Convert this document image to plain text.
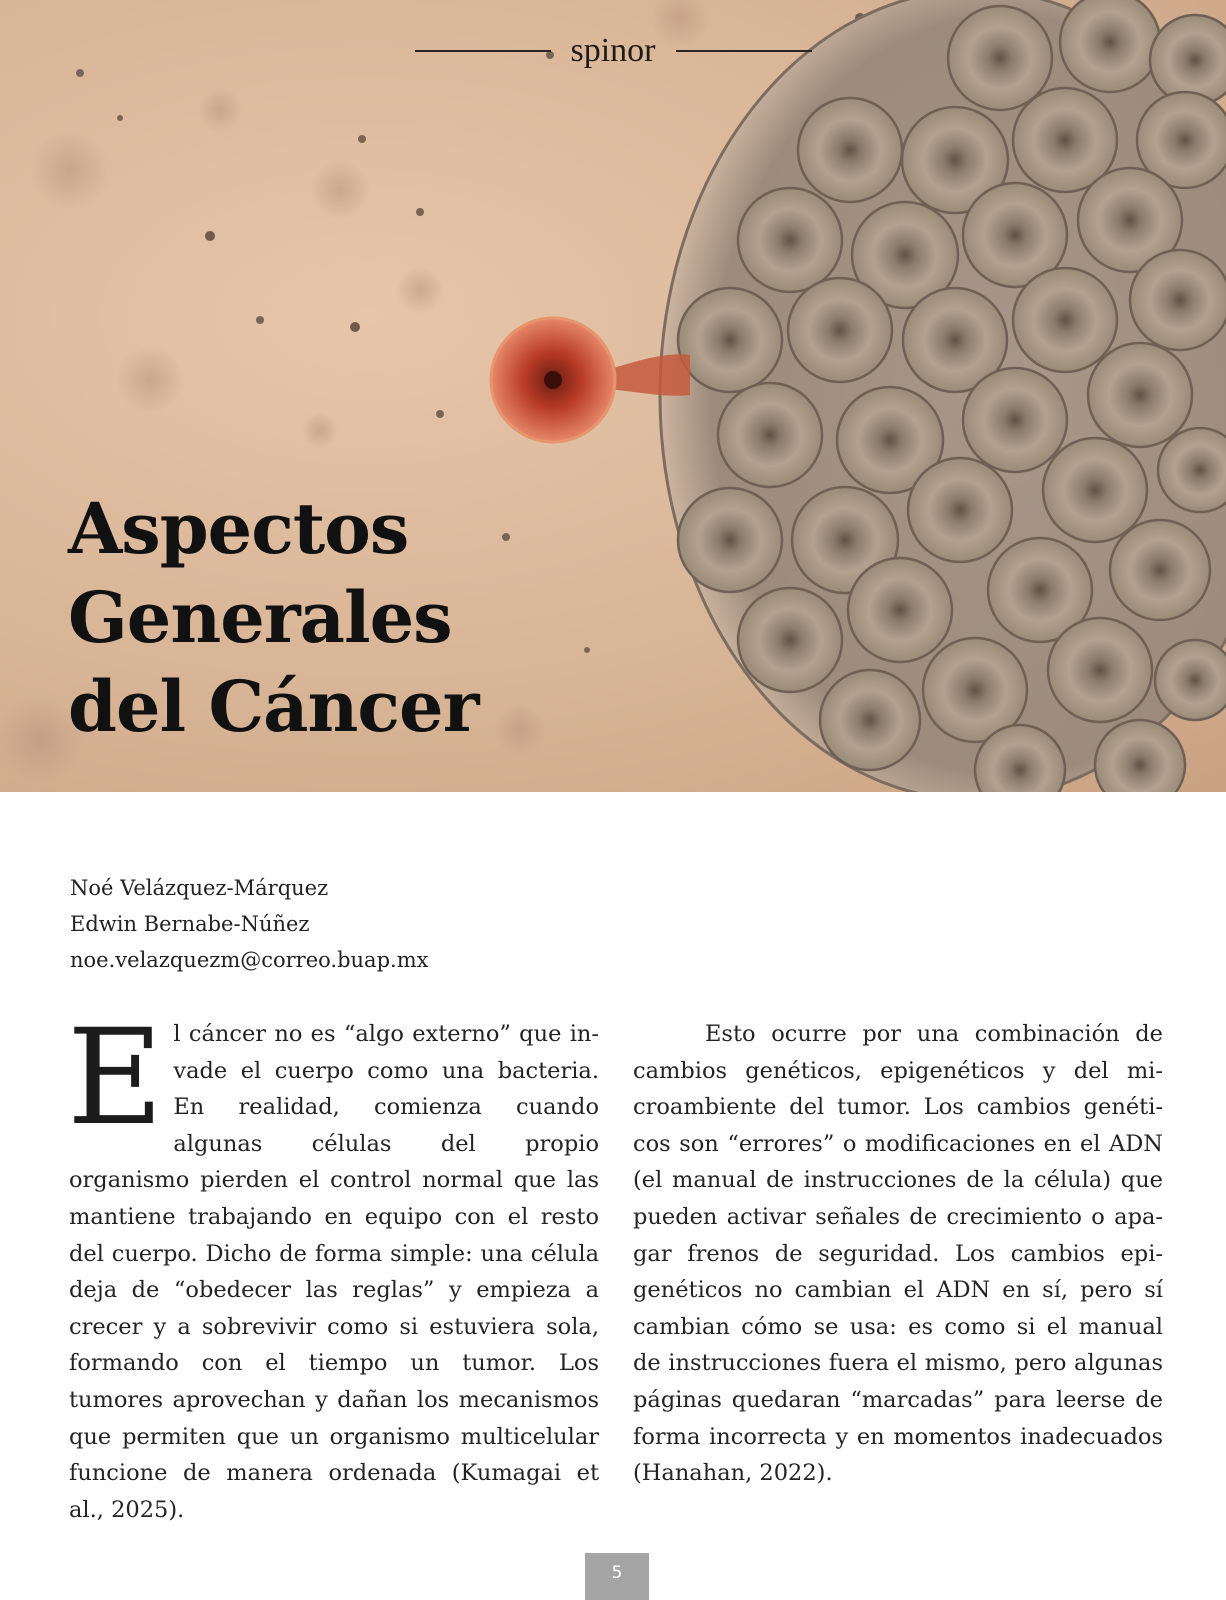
spinor
Aspectos
Generales
del Cáncer
Noé Velázquez-Márquez
Edwin Bernabe-Núñez
noe.velazquezm@correo.buap.mx

El cáncer no es “algo externo” que invade el cuerpo como una bacteria. En realidad, comienza cuando algunas células del propio organismo pierden el control normal que las mantiene trabajando en equipo con el resto del cuerpo. Dicho de forma simple: una célula deja de “obedecer las reglas” y empieza a crecer y a sobrevivir como si estuviera sola, formando con el tiempo un tumor. Los tumores aprovechan y dañan los mecanismos que permiten que un organismo multicelular funcione de manera ordenada (Kumagai et al., 2025).

Esto ocurre por una combinación de cambios genéticos, epigenéticos y del microambiente del tumor. Los cambios genéticos son “errores” o modificaciones en el ADN (el manual de instrucciones de la célula) que pueden activar señales de crecimiento o apagar frenos de seguridad. Los cambios epigenéticos no cambian el ADN en sí, pero sí cambian cómo se usa: es como si el manual de instrucciones fuera el mismo, pero algunas páginas quedaran “marcadas” para leerse de forma incorrecta y en momentos inadecuados (Hanahan, 2022).

5
